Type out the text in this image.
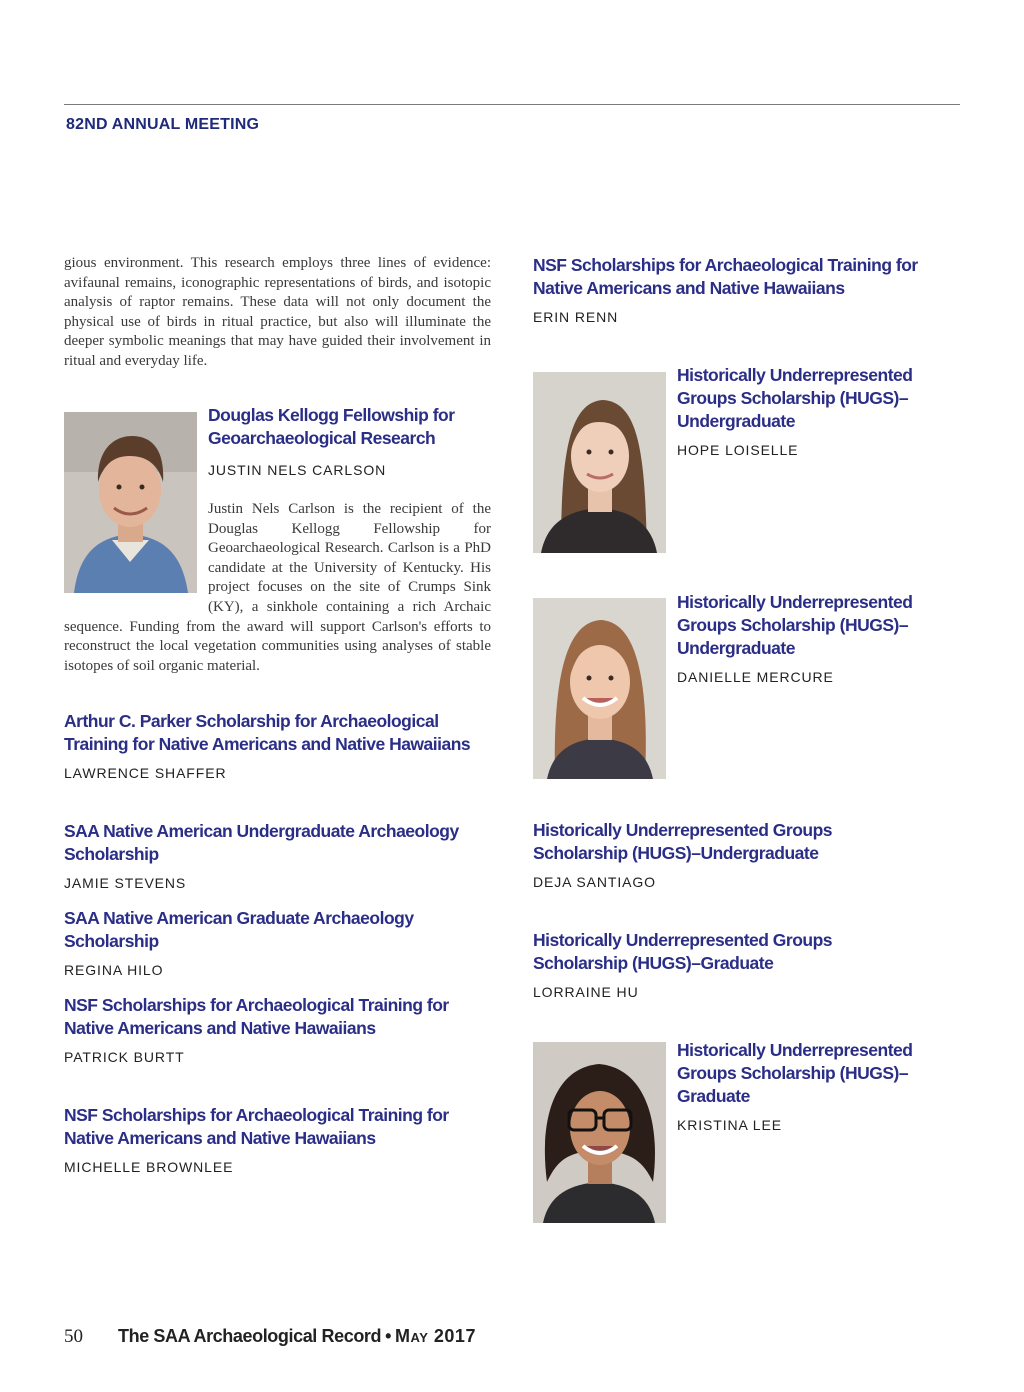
82ND ANNUAL MEETING

gious environment. This research employs three lines of evidence: avifaunal remains, iconographic representations of birds, and isotopic analysis of raptor remains. These data will not only document the physical use of birds in ritual practice, but also will illuminate the deeper symbolic meanings that may have guided their involvement in ritual and everyday life.

Douglas Kellogg Fellowship for Geoarchaeological Research

JUSTIN NELS CARLSON

Justin Nels Carlson is the recipient of the Douglas Kellogg Fellowship for Geoarchaeological Research. Carlson is a PhD candidate at the University of Kentucky. His project focuses on the site of Crumps Sink (KY), a sinkhole containing a rich Archaic sequence. Funding from the award will support Carlson's efforts to reconstruct the local vegetation communities using analyses of stable isotopes of soil organic material.

Arthur C. Parker Scholarship for Archaeological Training for Native Americans and Native Hawaiians

LAWRENCE SHAFFER

SAA Native American Undergraduate Archaeology Scholarship

JAMIE STEVENS

SAA Native American Graduate Archaeology Scholarship

REGINA HILO

NSF Scholarships for Archaeological Training for Native Americans and Native Hawaiians

PATRICK BURTT

NSF Scholarships for Archaeological Training for Native Americans and Native Hawaiians

MICHELLE BROWNLEE

NSF Scholarships for Archaeological Training for Native Americans and Native Hawaiians

ERIN RENN

Historically Underrepresented Groups Scholarship (HUGS)–Undergraduate

HOPE LOISELLE

Historically Underrepresented Groups Scholarship (HUGS)–Undergraduate

DANIELLE MERCURE

Historically Underrepresented Groups Scholarship (HUGS)–Undergraduate

DEJA SANTIAGO

Historically Underrepresented Groups Scholarship (HUGS)–Graduate

LORRAINE HU

Historically Underrepresented Groups Scholarship (HUGS)–Graduate

KRISTINA LEE

50 The SAA Archaeological Record • May 2017
